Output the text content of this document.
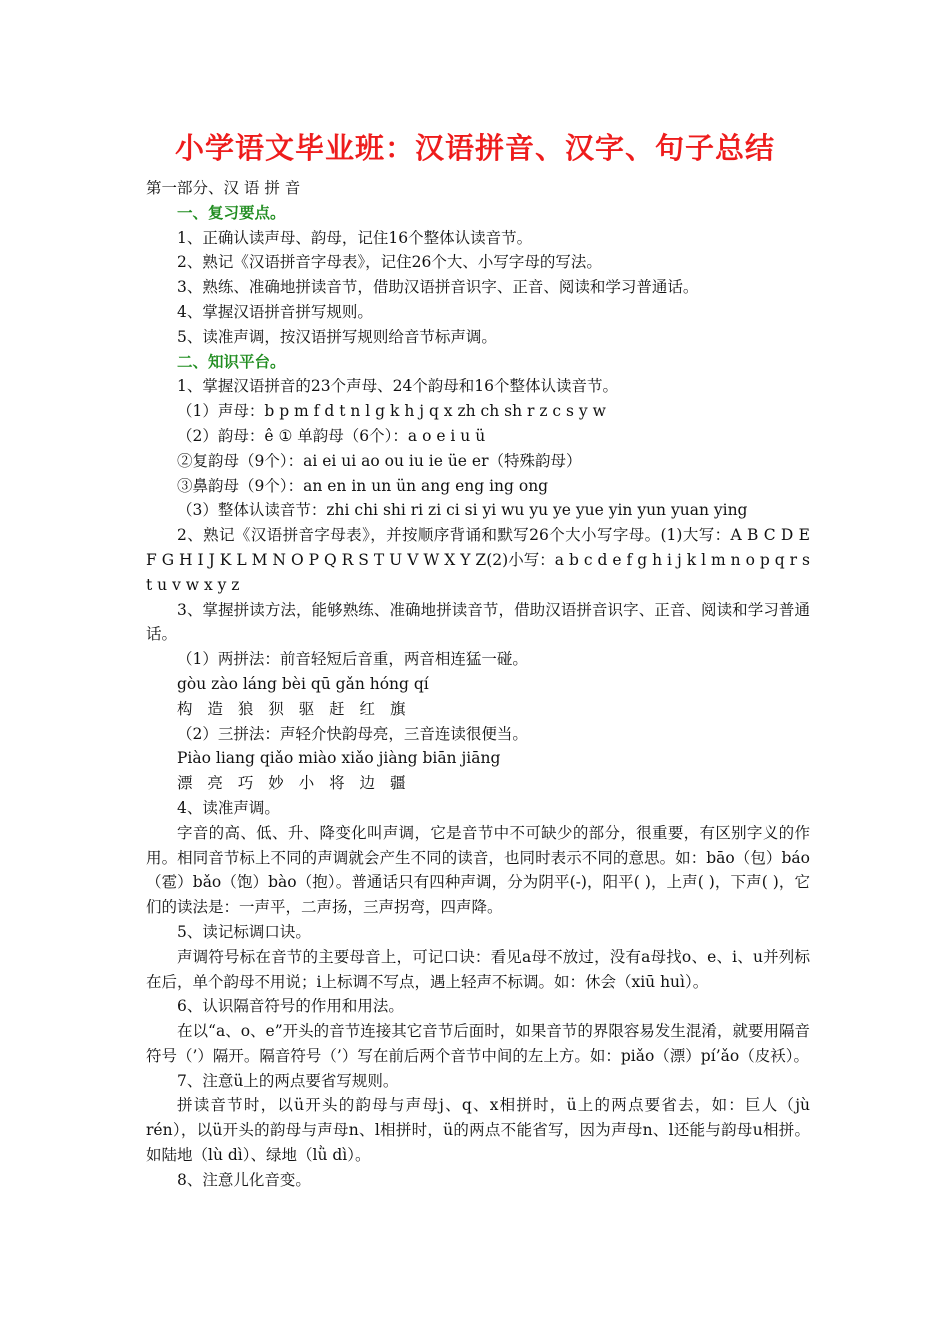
小学语文毕业班：汉语拼音、汉字、句子总结
第一部分、汉 语 拼 音
一、复习要点。
1、正确认读声母、韵母，记住16个整体认读音节。
2、熟记《汉语拼音字母表》，记住26个大、小写字母的写法。
3、熟练、准确地拼读音节，借助汉语拼音识字、正音、阅读和学习普通话。
4、掌握汉语拼音拼写规则。
5、读准声调，按汉语拼写规则给音节标声调。
二、知识平台。
1、掌握汉语拼音的23个声母、24个韵母和16个整体认读音节。
（1）声母：b p m f d t n l g k h j q x zh ch sh r z c s y w
（2）韵母：ê ① 单韵母（6个）：a o e i u ü
②复韵母（9个）：ai ei ui ao ou iu ie üe er（特殊韵母）
③鼻韵母（9个）：an en in un ün ang eng ing ong
（3）整体认读音节：zhi chi shi ri zi ci si yi wu yu ye yue yin yun yuan ying
2、熟记《汉语拼音字母表》，并按顺序背诵和默写26个大小写字母。(1)大写：A B C D E F G H I J K L M N O P Q R S T U V W X Y Z(2)小写：a b c d e f g h i j k l m n o p q r s t u v w x y z
3、掌握拼读方法，能够熟练、准确地拼读音节，借助汉语拼音识字、正音、阅读和学习普通话。
（1）两拼法：前音轻短后音重，两音相连猛一碰。
gòu zào láng bèi qū gǎn hóng qí
构 造 狼 狈 驱 赶 红 旗
（2）三拼法：声轻介快韵母亮，三音连读很便当。
Piào liang qiǎo miào xiǎo jiàng biān jiāng
漂 亮 巧 妙 小 将 边 疆
4、读准声调。
字音的高、低、升、降变化叫声调，它是音节中不可缺少的部分，很重要，有区别字义的作用。相同音节标上不同的声调就会产生不同的读音，也同时表示不同的意思。如：bāo（包）báo（雹）bǎo（饱）bào（抱）。普通话只有四种声调，分为阴平(-)，阳平( )，上声( )，下声( )，它们的读法是：一声平，二声扬，三声拐弯，四声降。
5、读记标调口诀。
声调符号标在音节的主要母音上，可记口诀：看见a母不放过，没有a母找o、e、i、u并列标在后，单个韵母不用说；i上标调不写点，遇上轻声不标调。如：休会（xiū huì）。
6、认识隔音符号的作用和用法。
在以“a、o、e”开头的音节连接其它音节后面时，如果音节的界限容易发生混淆，就要用隔音符号（’）隔开。隔音符号（’）写在前后两个音节中间的左上方。如：piǎo（漂）pí’ǎo（皮袄）。
7、注意ü上的两点要省写规则。
拼读音节时，以ü开头的韵母与声母j、q、x相拼时，ü上的两点要省去，如：巨人（jù rén），以ü开头的韵母与声母n、l相拼时，ü的两点不能省写，因为声母n、l还能与韵母u相拼。如陆地（lù dì）、绿地（lǜ dì）。
8、注意儿化音变。
